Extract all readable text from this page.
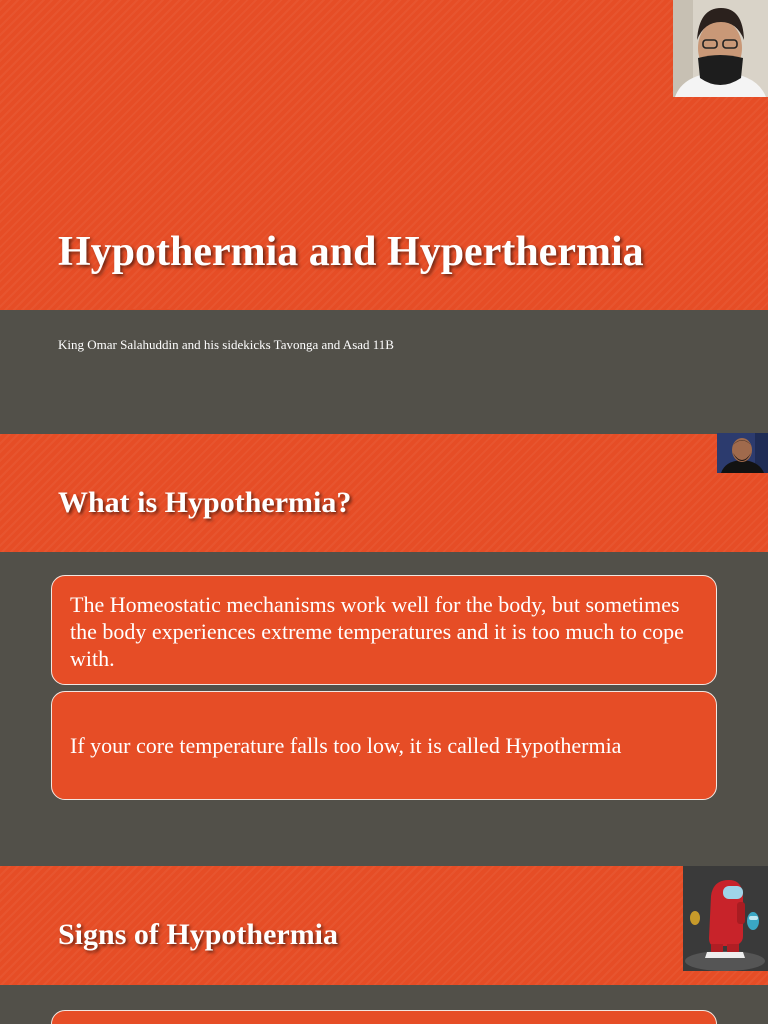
Hypothermia and Hyperthermia

King Omar Salahuddin and his sidekicks Tavonga and Asad 11B

What is Hypothermia?
The Homeostatic mechanisms work well for the body, but sometimes the body experiences extreme temperatures and it is too much to cope with.
If your core temperature falls too low, it is called Hypothermia
Signs of Hypothermia
